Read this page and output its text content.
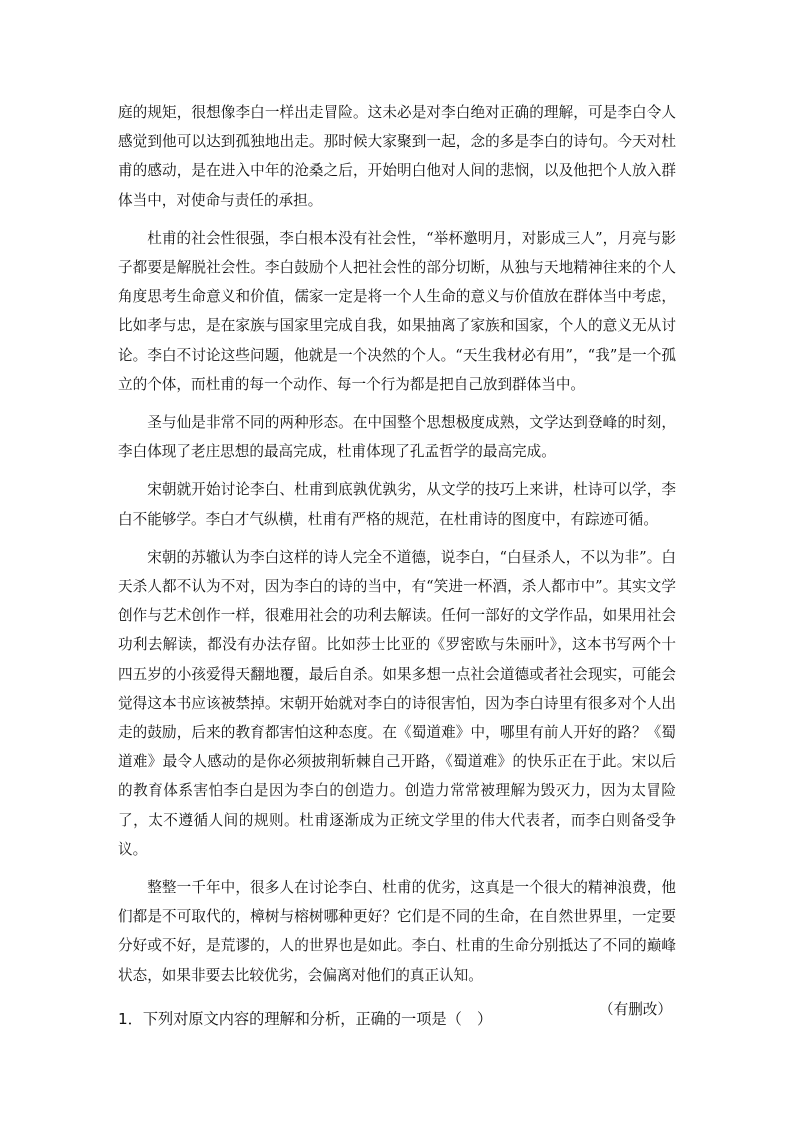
庭的规矩，很想像李白一样出走冒险。这未必是对李白绝对正确的理解，可是李白令人感觉到他可以达到孤独地出走。那时候大家聚到一起，念的多是李白的诗句。今天对杜甫的感动，是在进入中年的沧桑之后，开始明白他对人间的悲悯，以及他把个人放入群体当中，对使命与责任的承担。

杜甫的社会性很强，李白根本没有社会性，“举杯邀明月，对影成三人”，月亮与影子都要是解脱社会性。李白鼓励个人把社会性的部分切断，从独与天地精神往来的个人角度思考生命意义和价值，儒家一定是将一个人生命的意义与价值放在群体当中考虑，比如孝与忠，是在家族与国家里完成自我，如果抽离了家族和国家，个人的意义无从讨论。李白不讨论这些问题，他就是一个决然的个人。“天生我材必有用”，“我”是一个孤立的个体，而杜甫的每一个动作、每一个行为都是把自己放到群体当中。

圣与仙是非常不同的两种形态。在中国整个思想极度成熟，文学达到登峰的时刻，李白体现了老庄思想的最高完成，杜甫体现了孔孟哲学的最高完成。

宋朝就开始讨论李白、杜甫到底孰优孰劣，从文学的技巧上来讲，杜诗可以学，李白不能够学。李白才气纵横，杜甫有严格的规范，在杜甫诗的图度中，有踪迹可循。

宋朝的苏辙认为李白这样的诗人完全不道德，说李白，“白昼杀人，不以为非”。白天杀人都不认为不对，因为李白的诗的当中，有“笑进一杯酒，杀人都市中”。其实文学创作与艺术创作一样，很难用社会的功利去解读。任何一部好的文学作品，如果用社会功利去解读，都没有办法存留。比如莎士比亚的《罗密欧与朱丽叶》，这本书写两个十四五岁的小孩爱得天翻地覆，最后自杀。如果多想一点社会道德或者社会现实，可能会觉得这本书应该被禁掉。宋朝开始就对李白的诗很害怕，因为李白诗里有很多对个人出走的鼓励，后来的教育都害怕这种态度。在《蜀道难》中，哪里有前人开好的路？《蜀道难》最令人感动的是你必须披荆斩棘自己开路，《蜀道难》的快乐正在于此。宋以后的教育体系害怕李白是因为李白的创造力。创造力常常被理解为毁灭力，因为太冒险了，太不遵循人间的规则。杜甫逐渐成为正统文学里的伟大代表者，而李白则备受争议。

整整一千年中，很多人在讨论李白、杜甫的优劣，这真是一个很大的精神浪费，他们都是不可取代的，樟树与榕树哪种更好？它们是不同的生命，在自然世界里，一定要分好或不好，是荒谬的，人的世界也是如此。李白、杜甫的生命分别抵达了不同的巅峰状态，如果非要去比较优劣，会偏离对他们的真正认知。

（有删改）

1．下列对原文内容的理解和分析，正确的一项是（　）
